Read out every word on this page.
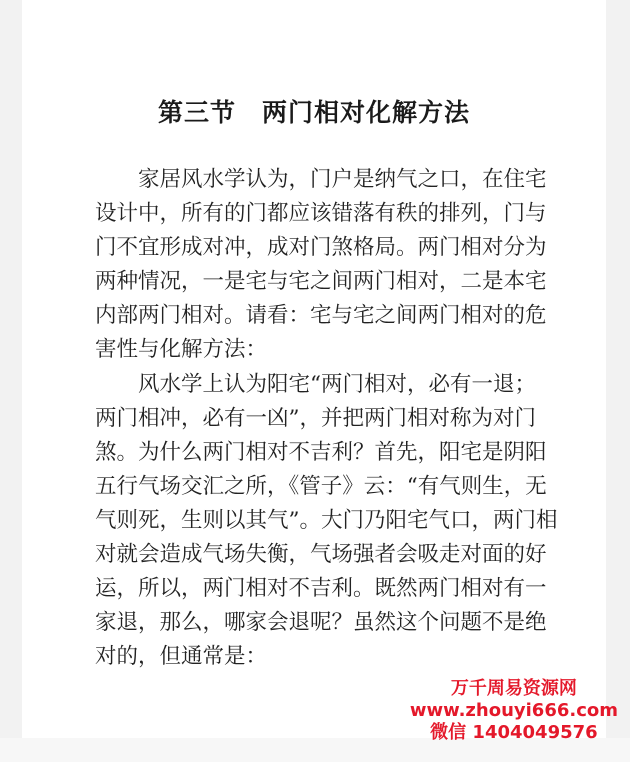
第三节　两门相对化解方法
　　家居风水学认为，门户是纳气之口，在住宅
设计中，所有的门都应该错落有秩的排列，门与
门不宜形成对冲，成对门煞格局。两门相对分为
两种情况，一是宅与宅之间两门相对，二是本宅
内部两门相对。请看：宅与宅之间两门相对的危
害性与化解方法：
　　风水学上认为阳宅“两门相对，必有一退；
两门相冲，必有一凶”，并把两门相对称为对门
煞。为什么两门相对不吉利？首先，阳宅是阴阳
五行气场交汇之所，《管子》云：“有气则生，无
气则死，生则以其气”。大门乃阳宅气口，两门相
对就会造成气场失衡，气场强者会吸走对面的好
运，所以，两门相对不吉利。既然两门相对有一
家退，那么，哪家会退呢？虽然这个问题不是绝
对的，但通常是：
万千周易资源网
www.zhouyi666.com
微信 1404049576
